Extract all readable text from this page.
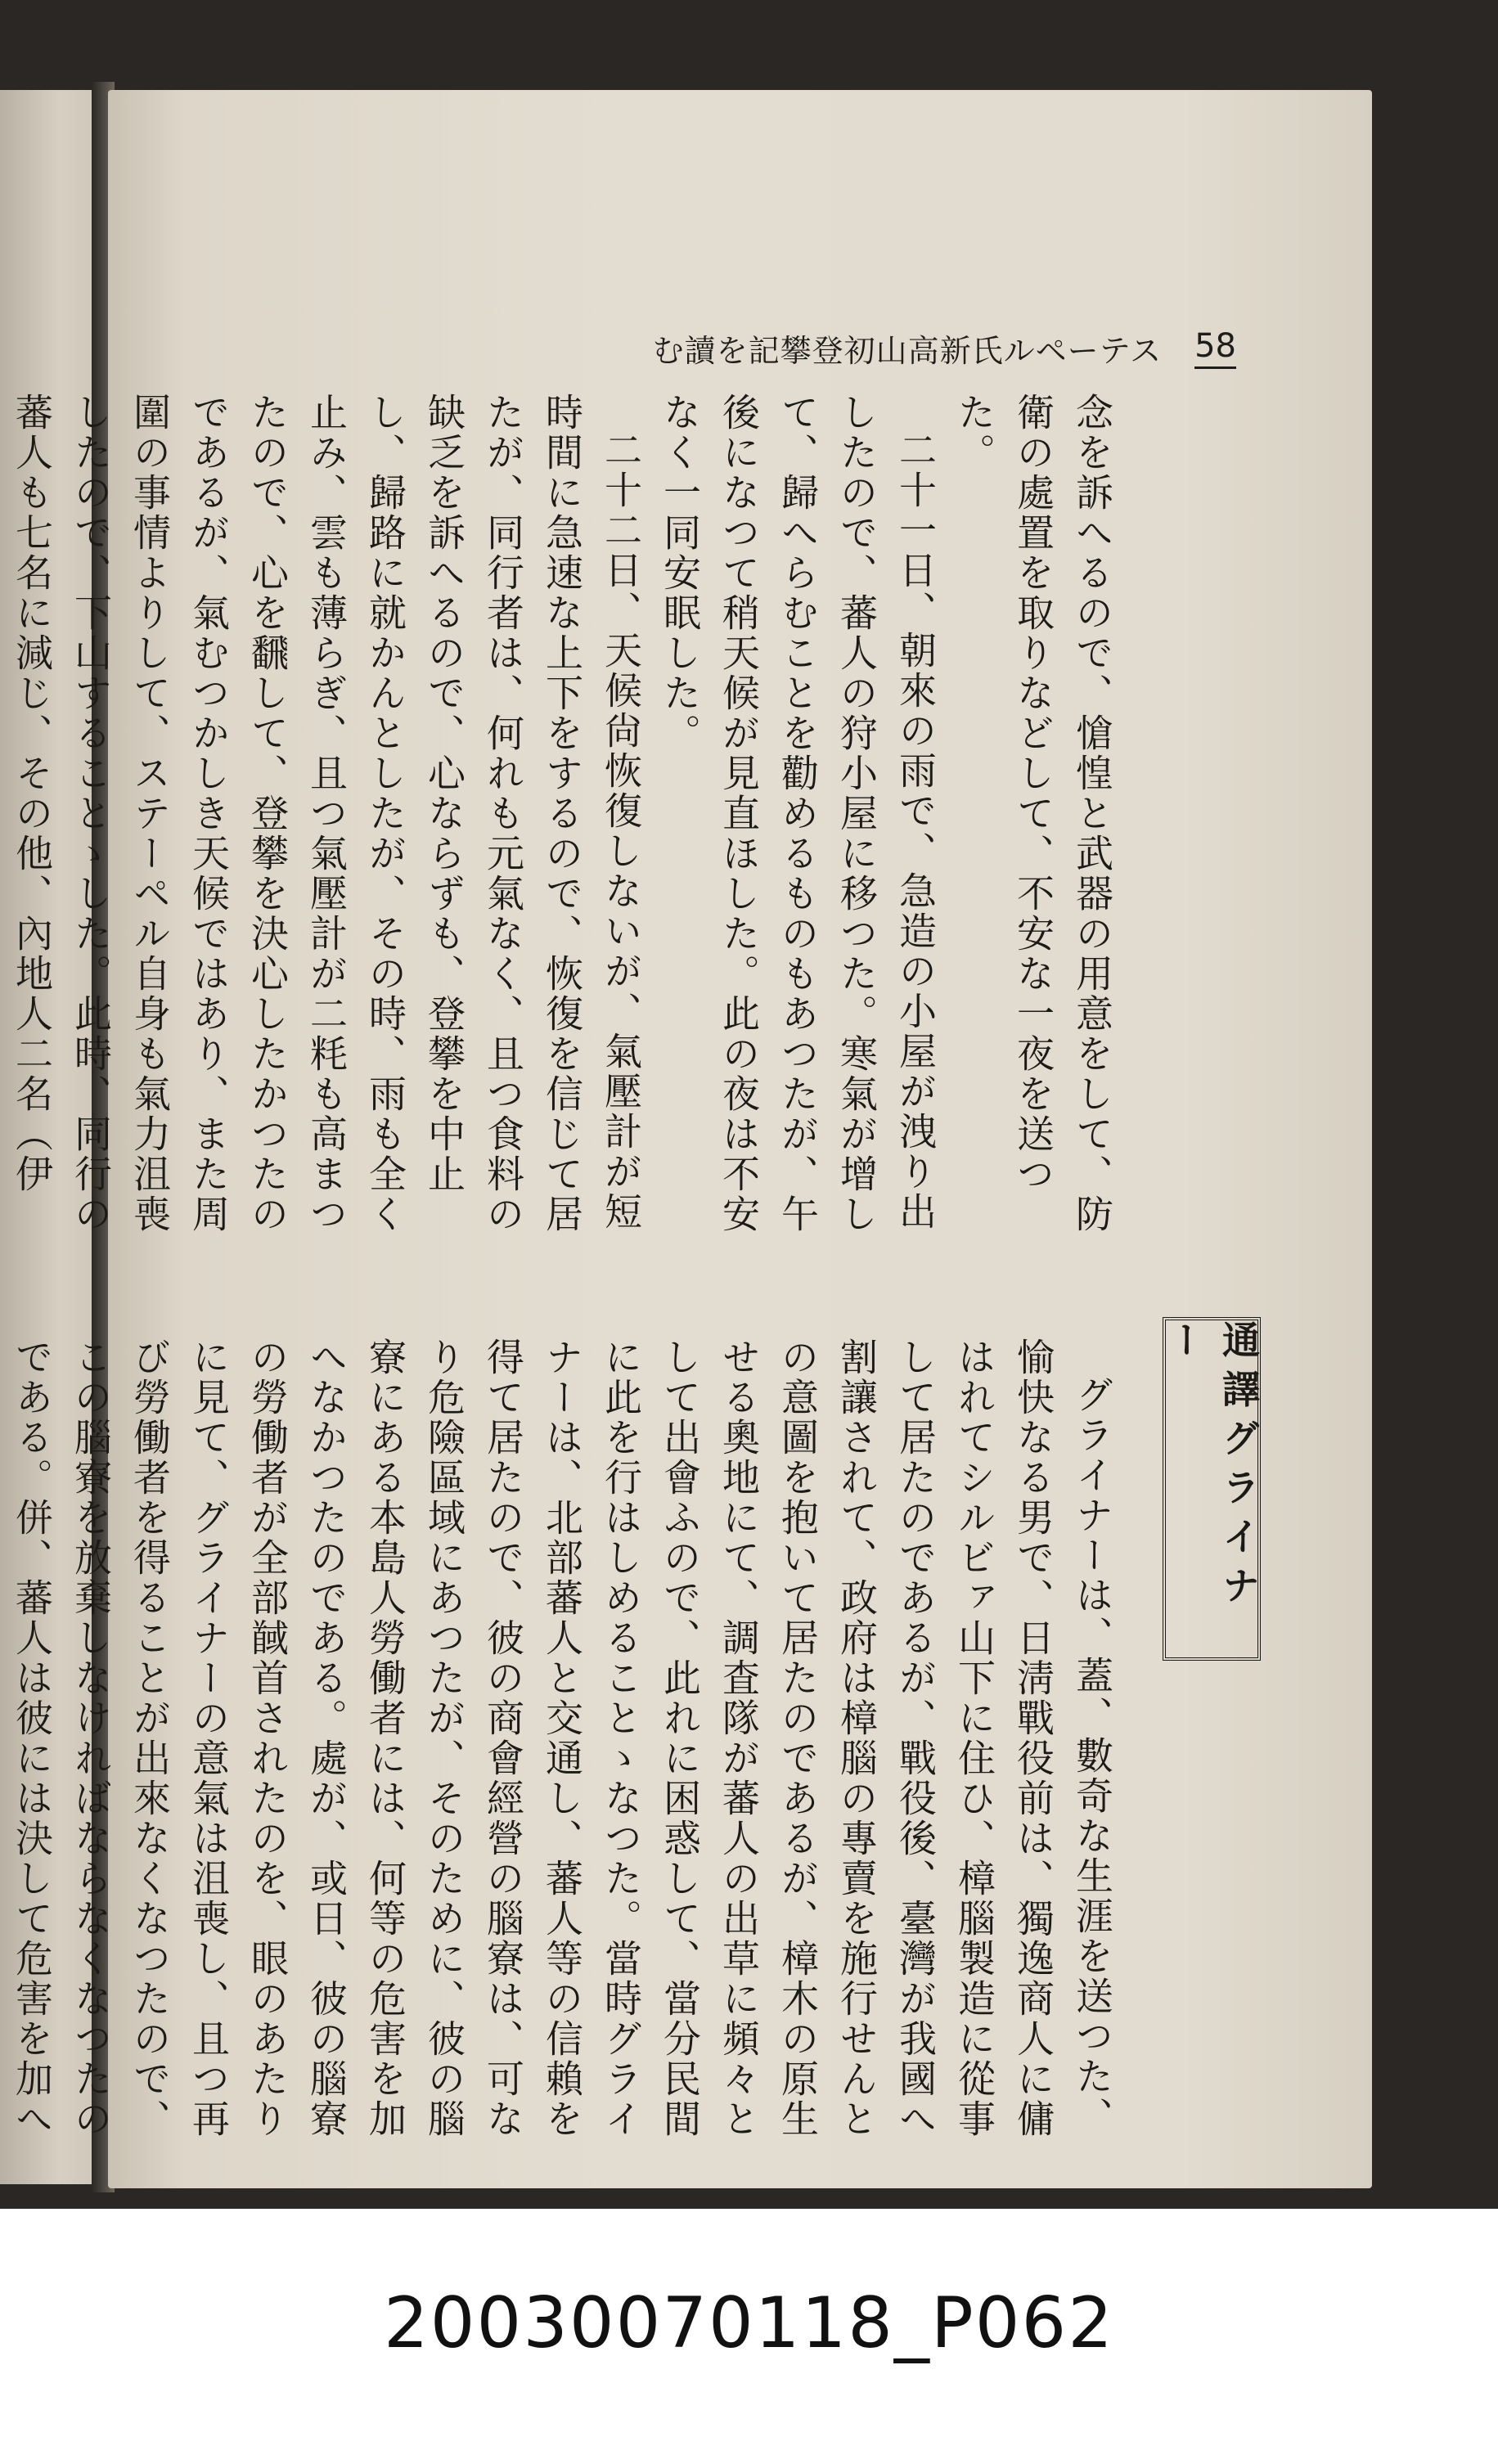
む讀を記攀登初山高新氏ルペーテス 58

念を訴へるので、愴惶と武器の用意をして、防衛の處置を取りなどして、不安な一夜を送つた。

二十一日、朝來の雨で、急造の小屋が洩り出したので、蕃人の狩小屋に移つた。寒氣が增して、歸へらむことを勸めるものもあつたが、午後になつて稍天候が見直ほした。此の夜は不安なく一同安眠した。

二十二日、天候尙恢復しないが、氣壓計が短時間に急速な上下をするので、恢復を信じて居たが、同行者は、何れも元氣なく、且つ食料の缺乏を訴へるので、心ならずも、登攀を中止し、歸路に就かんとしたが、その時、雨も全く止み、雲も薄らぎ、且つ氣壓計が二粍も高まつたので、心を飜して、登攀を決心したかつたのであるが、氣むつかしき天候ではあり、また周圍の事情よりして、ステーペル自身も氣力沮喪したので、下山することゝした。此時、同行の蕃人も七名に減じ、その他、內地人二名（伊

通譯グライナー

グライナーは、蓋、數奇な生涯を送つた、愉快なる男で、日淸戰役前は、獨逸商人に傭はれてシルビァ山下に住ひ、樟腦製造に從事して居たのであるが、戰役後、臺灣が我國へ割讓されて、政府は樟腦の專賣を施行せんとの意圖を抱いて居たのであるが、樟木の原生せる奧地にて、調査隊が蕃人の出草に頻々として出會ふので、此れに困惑して、當分民間に此を行はしめることゝなつた。當時グライナーは、北部蕃人と交通し、蕃人等の信賴を得て居たので、彼の商會經營の腦寮は、可なり危險區域にあつたが、そのために、彼の腦寮にある本島人勞働者には、何等の危害を加へなかつたのである。處が、或日、彼の腦寮の勞働者が全部馘首されたのを、眼のあたりに見て、グライナーの意氣は沮喪し、且つ再び勞働者を得ることが出來なくなつたので、この腦寮を放棄しなければならなくなつたのである。併、蕃人は彼には決して危害を加へ

20030070118_P062
